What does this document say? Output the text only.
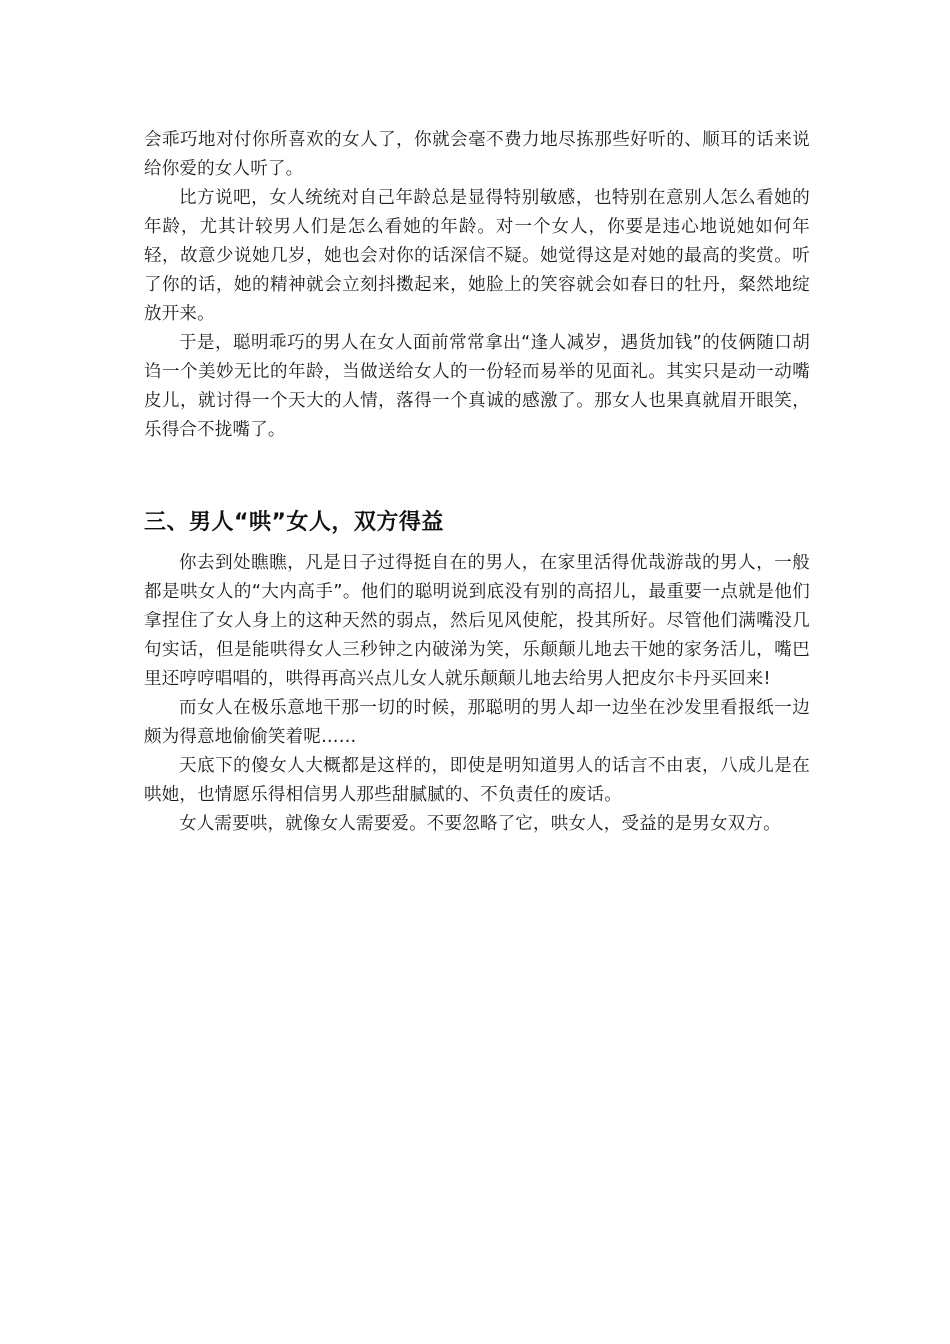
会乖巧地对付你所喜欢的女人了，你就会毫不费力地尽拣那些好听的、顺耳的话来说给你爱的女人听了。

比方说吧，女人统统对自己年龄总是显得特别敏感，也特别在意别人怎么看她的年龄，尤其计较男人们是怎么看她的年龄。对一个女人，你要是违心地说她如何年轻，故意少说她几岁，她也会对你的话深信不疑。她觉得这是对她的最高的奖赏。听了你的话，她的精神就会立刻抖擞起来，她脸上的笑容就会如春日的牡丹，粲然地绽放开来。

于是，聪明乖巧的男人在女人面前常常拿出“逢人减岁，遇货加钱”的伎俩随口胡诌一个美妙无比的年龄，当做送给女人的一份轻而易举的见面礼。其实只是动一动嘴皮儿，就讨得一个天大的人情，落得一个真诚的感激了。那女人也果真就眉开眼笑，乐得合不拢嘴了。

三、男人“哄”女人，双方得益

你去到处瞧瞧，凡是日子过得挺自在的男人，在家里活得优哉游哉的男人，一般都是哄女人的“大内高手”。他们的聪明说到底没有别的高招儿，最重要一点就是他们拿捏住了女人身上的这种天然的弱点，然后见风使舵，投其所好。尽管他们满嘴没几句实话，但是能哄得女人三秒钟之内破涕为笑，乐颠颠儿地去干她的家务活儿，嘴巴里还哼哼唱唱的，哄得再高兴点儿女人就乐颠颠儿地去给男人把皮尔卡丹买回来!

而女人在极乐意地干那一切的时候，那聪明的男人却一边坐在沙发里看报纸一边颇为得意地偷偷笑着呢……

天底下的傻女人大概都是这样的，即使是明知道男人的话言不由衷，八成儿是在哄她，也情愿乐得相信男人那些甜腻腻的、不负责任的废话。

女人需要哄，就像女人需要爱。不要忽略了它，哄女人，受益的是男女双方。
